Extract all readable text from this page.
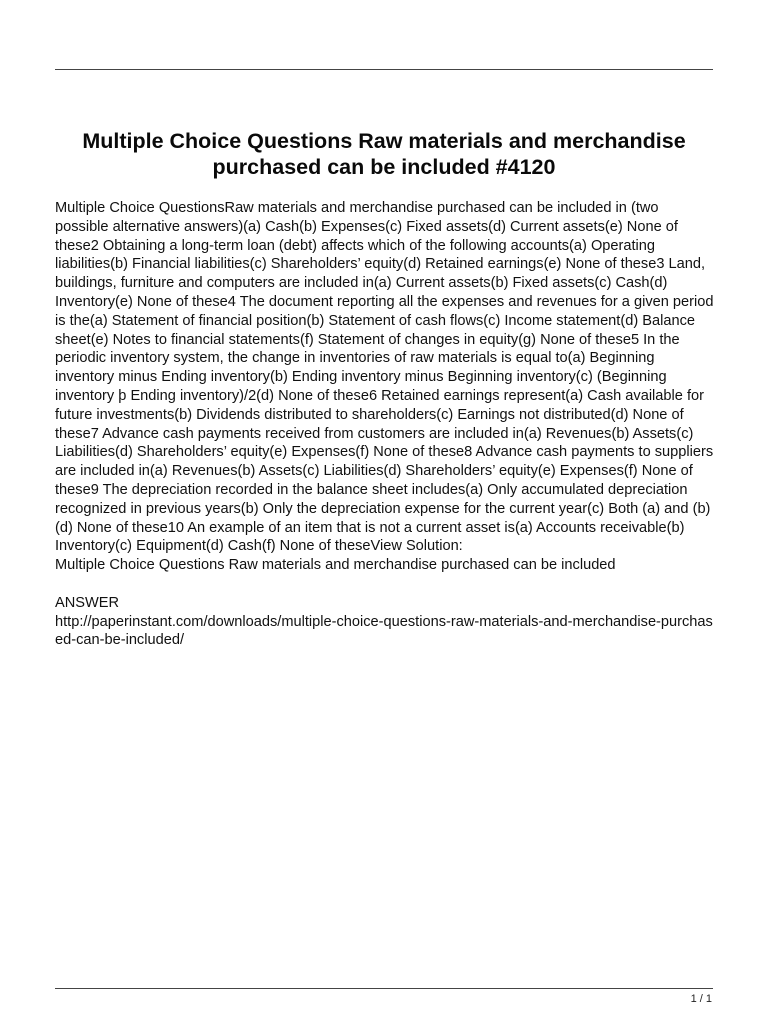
Multiple Choice Questions Raw materials and merchandise purchased can be included #4120

Multiple Choice QuestionsRaw materials and merchandise purchased can be included in (two possible alternative answers)(a) Cash(b) Expenses(c) Fixed assets(d) Current assets(e) None of these2 Obtaining a long-term loan (debt) affects which of the following accounts(a) Operating liabilities(b) Financial liabilities(c) Shareholders’ equity(d) Retained earnings(e) None of these3 Land, buildings, furniture and computers are included in(a) Current assets(b) Fixed assets(c) Cash(d) Inventory(e) None of these4 The document reporting all the expenses and revenues for a given period is the(a) Statement of financial position(b) Statement of cash flows(c) Income statement(d) Balance sheet(e) Notes to financial statements(f) Statement of changes in equity(g) None of these5 In the periodic inventory system, the change in inventories of raw materials is equal to(a) Beginning inventory minus Ending inventory(b) Ending inventory minus Beginning inventory(c) (Beginning inventory þ Ending inventory)/2(d) None of these6 Retained earnings represent(a) Cash available for future investments(b) Dividends distributed to shareholders(c) Earnings not distributed(d) None of these7 Advance cash payments received from customers are included in(a) Revenues(b) Assets(c) Liabilities(d) Shareholders’ equity(e) Expenses(f) None of these8 Advance cash payments to suppliers are included in(a) Revenues(b) Assets(c) Liabilities(d) Shareholders’ equity(e) Expenses(f) None of these9 The depreciation recorded in the balance sheet includes(a) Only accumulated depreciation recognized in previous years(b) Only the depreciation expense for the current year(c) Both (a) and (b)(d) None of these10 An example of an item that is not a current asset is(a) Accounts receivable(b) Inventory(c) Equipment(d) Cash(f) None of theseView Solution:

Multiple Choice Questions Raw materials and merchandise purchased can be included

ANSWER

http://paperinstant.com/downloads/multiple-choice-questions-raw-materials-and-merchandise-purchased-can-be-included/

1 / 1
